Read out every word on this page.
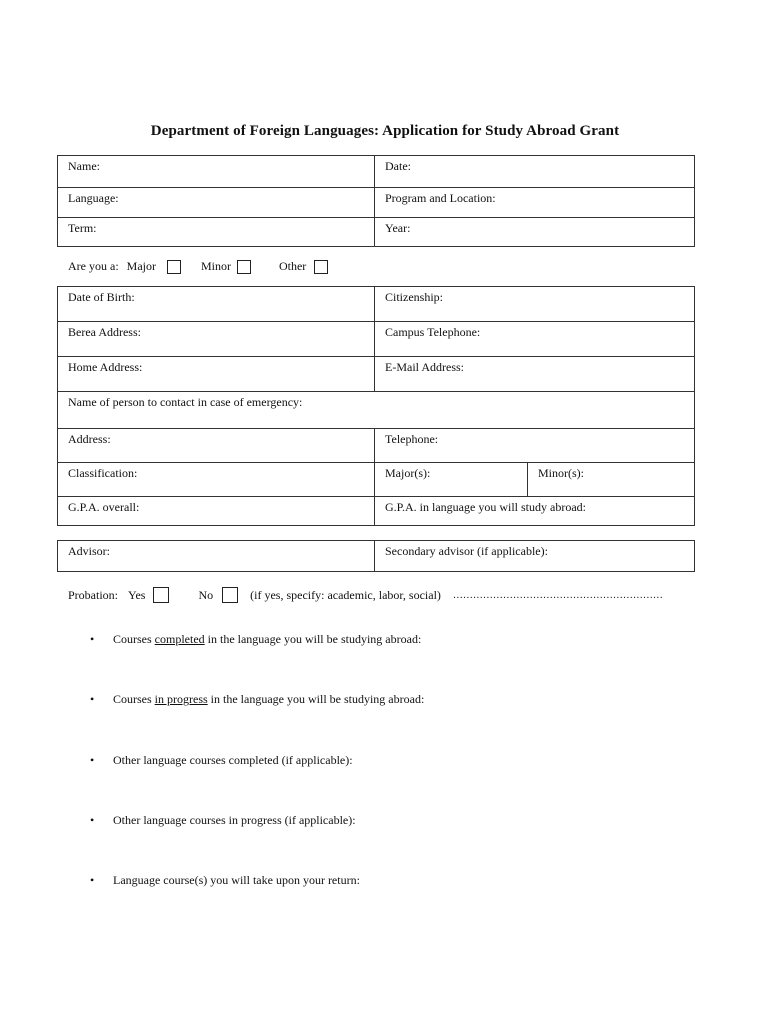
Department of Foreign Languages: Application for Study Abroad Grant
Name:	Date:
Language:	Program and Location:
Term:	Year:
Are you a: Major	Minor	Other
Date of Birth:	Citizenship:
Berea Address:	Campus Telephone:
Home Address:	E-Mail Address:
Name of person to contact in case of emergency:
Address:	Telephone:
Classification:	Major(s):	Minor(s):
G.P.A. overall:	G.P.A. in language you will study abroad:
Advisor:	Secondary advisor (if applicable):
Probation: Yes	No	(if yes, specify: academic, labor, social) ………………………………………………………
•	Courses completed in the language you will be studying abroad:
•	Courses in progress in the language you will be studying abroad:
•	Other language courses completed (if applicable):
•	Other language courses in progress (if applicable):
•	Language course(s) you will take upon your return:
